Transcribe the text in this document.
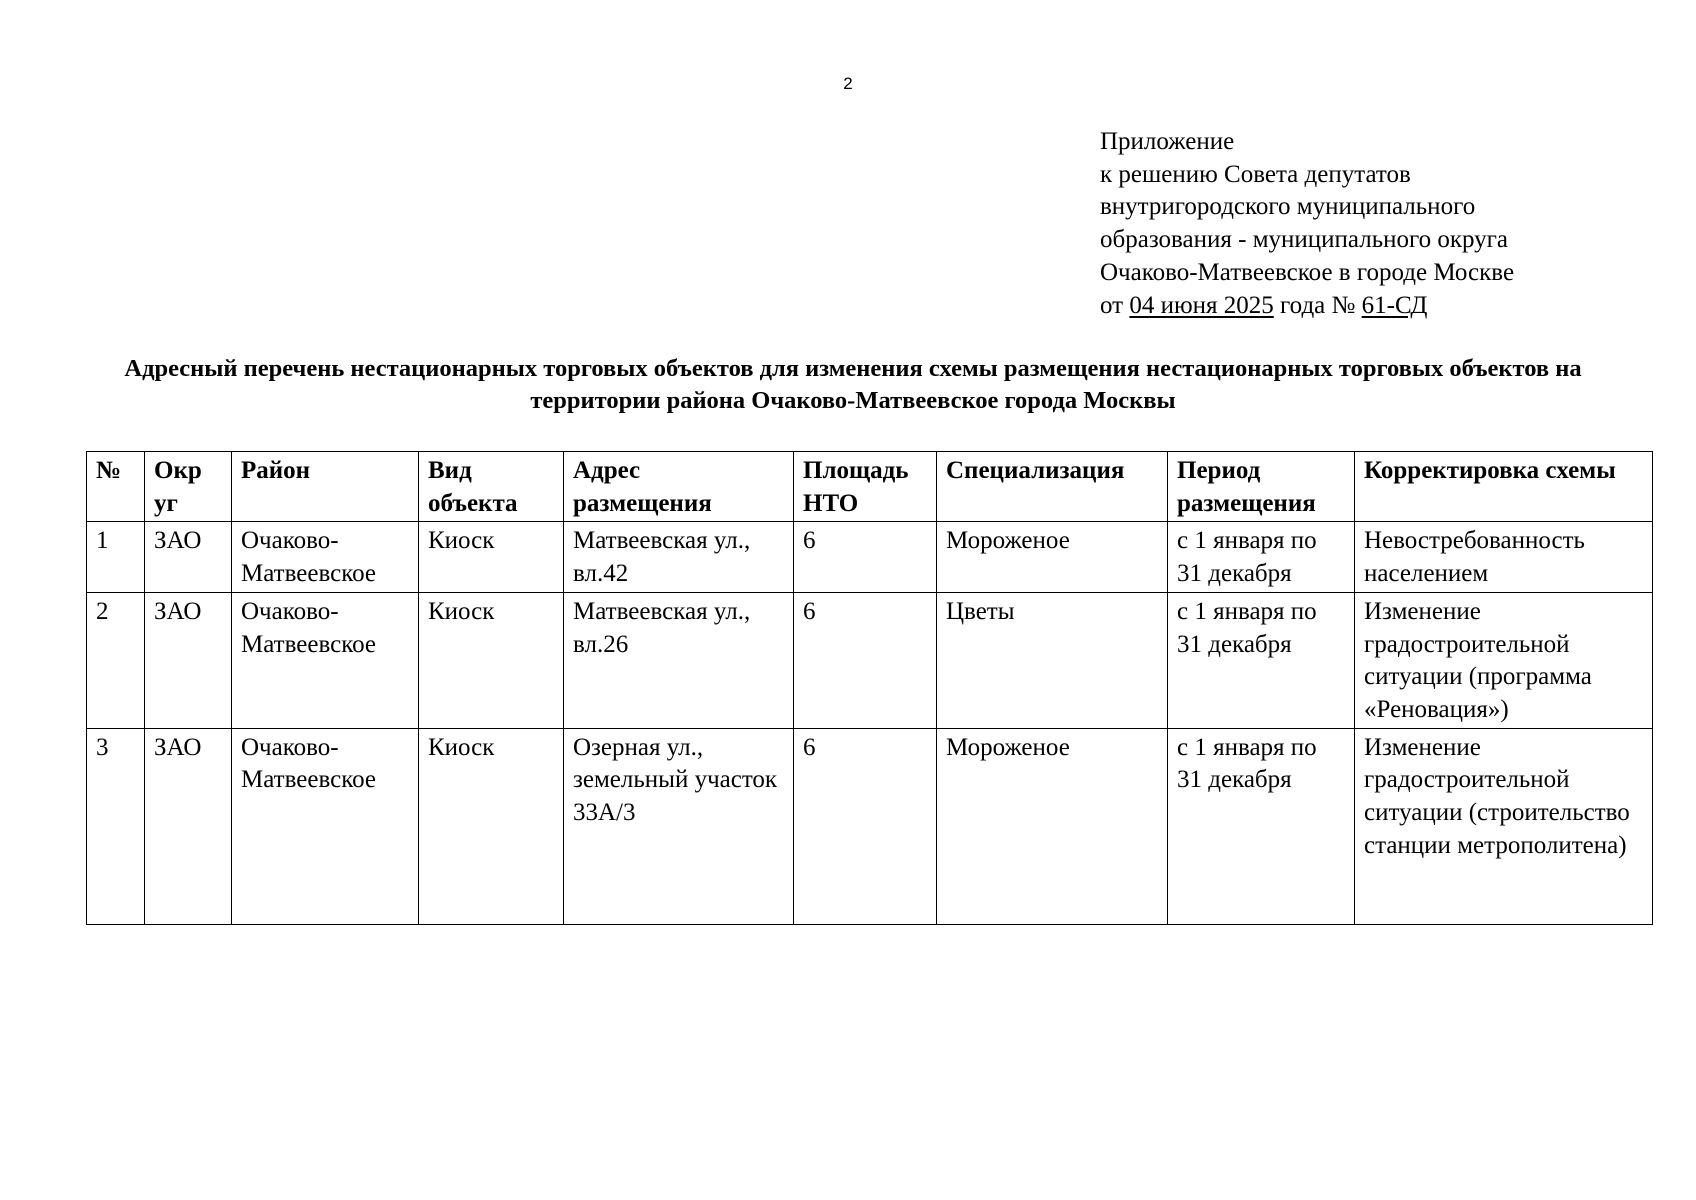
2
Приложение
к решению Совета депутатов
внутригородского муниципального
образования - муниципального округа
Очаково-Матвеевское в городе Москве
от 04 июня 2025 года № 61-СД
Адресный перечень нестационарных торговых объектов для изменения схемы размещения нестационарных торговых объектов на территории района Очаково-Матвеевское города Москвы
№	Окр уг	Район	Вид объекта	Адрес размещения	Площадь НТО	Специализация	Период размещения	Корректировка схемы
1	ЗАО	Очаково-Матвеевское	Киоск	Матвеевская ул., вл.42	6	Мороженое	с 1 января по 31 декабря	Невостребованность населением
2	ЗАО	Очаково-Матвеевское	Киоск	Матвеевская ул., вл.26	6	Цветы	с 1 января по 31 декабря	Изменение градостроительной ситуации (программа «Реновация»)
3	ЗАО	Очаково-Матвеевское	Киоск	Озерная ул., земельный участок 33А/3	6	Мороженое	с 1 января по 31 декабря	Изменение градостроительной ситуации (строительство станции метрополитена)
